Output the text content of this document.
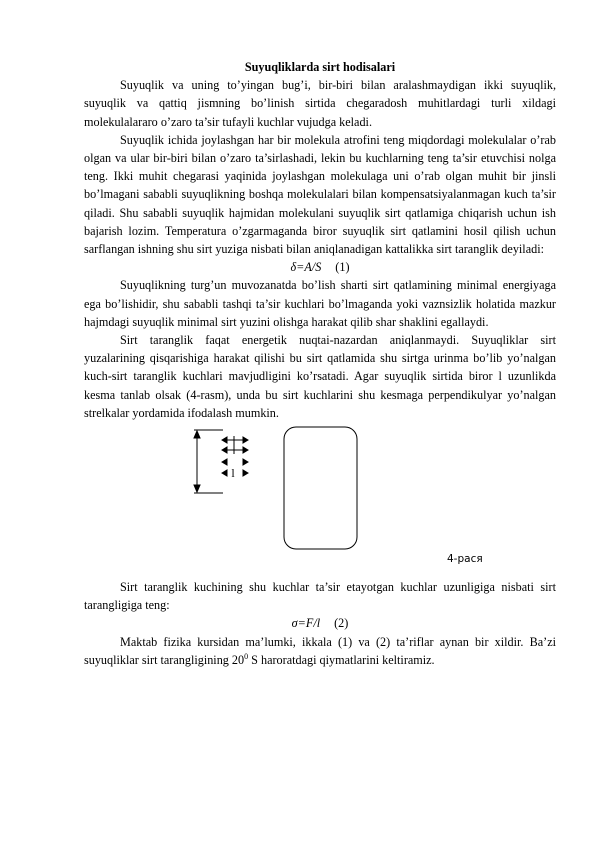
Suyuqliklarda sirt hodisalari

Suyuqlik va uning to’yingan bug’i, bir-biri bilan aralashmaydigan ikki suyuqlik, suyuqlik va qattiq jismning bo’linish sirtida chegaradosh muhitlardagi turli xildagi molekulalararo o’zaro ta’sir tufayli kuchlar vujudga keladi.

Suyuqlik ichida joylashgan har bir molekula atrofini teng miqdordagi molekulalar o’rab olgan va ular bir-biri bilan o’zaro ta’sirlashadi, lekin bu kuchlarning teng ta’sir etuvchisi nolga teng. Ikki muhit chegarasi yaqinida joylashgan molekulaga uni o’rab olgan muhit bir jinsli bo’lmagani sababli suyuqlikning boshqa molekulalari bilan kompensatsiyalanmagan kuch ta’sir qiladi. Shu sababli suyuqlik hajmidan molekulani suyuqlik sirt qatlamiga chiqarish uchun ish bajarish lozim. Temperatura o’zgarmaganda biror suyuqlik sirt qatlamini hosil qilish uchun sarflangan ishning shu sirt yuziga nisbati bilan aniqlanadigan kattalikka sirt taranglik deyiladi:

δ=A/S (1)

Suyuqlikning turg’un muvozanatda bo’lish sharti sirt qatlamining minimal energiyaga ega bo’lishidir, shu sababli tashqi ta’sir kuchlari bo’lmaganda yoki vaznsizlik holatida mazkur hajmdagi suyuqlik minimal sirt yuzini olishga harakat qilib shar shaklini egallaydi.

Sirt taranglik faqat energetik nuqtai-nazardan aniqlanmaydi. Suyuqliklar sirt yuzalarining qisqarishiga harakat qilishi bu sirt qatlamida shu sirtga urinma bo’lib yo’nalgan kuch-sirt taranglik kuchlari mavjudligini ko’rsatadi. Agar suyuqlik sirtida biror l uzunlikda kesma tanlab olsak (4-rasm), unda bu sirt kuchlarini shu kesmaga perpendikulyar yo’nalgan strelkalar yordamida ifodalash mumkin.

l
4-рася

Sirt taranglik kuchining shu kuchlar ta’sir etayotgan kuchlar uzunligiga nisbati sirt tarangligiga teng:

σ=F/l (2)

Maktab fizika kursidan ma’lumki, ikkala (1) va (2) ta’riflar aynan bir xildir. Ba’zi suyuqliklar sirt tarangligining $20^0$ S haroratdagi qiymatlarini keltiramiz.
